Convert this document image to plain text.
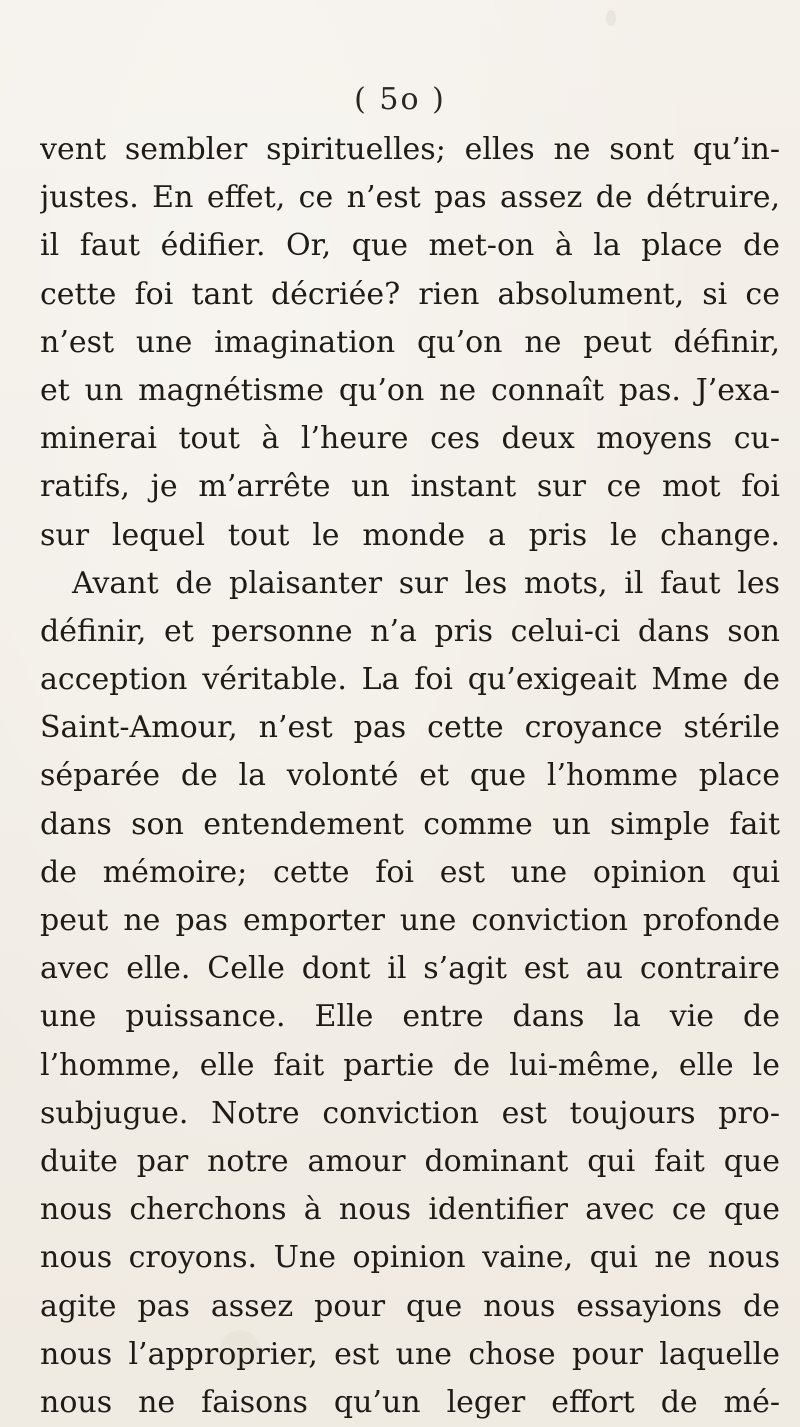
( 5o )
vent sembler spirituelles; elles ne sont qu’in-
justes. En effet, ce n’est pas assez de détruire,
il faut édifier. Or, que met-on à la place de
cette foi tant décriée? rien absolument, si ce
n’est une imagination qu’on ne peut définir,
et un magnétisme qu’on ne connaît pas. J’exa-
minerai tout à l’heure ces deux moyens cu-
ratifs, je m’arrête un instant sur ce mot foi
sur lequel tout le monde a pris le change.
Avant de plaisanter sur les mots, il faut les
définir, et personne n’a pris celui-ci dans son
acception véritable. La foi qu’exigeait Mme de
Saint-Amour, n’est pas cette croyance stérile
séparée de la volonté et que l’homme place
dans son entendement comme un simple fait
de mémoire; cette foi est une opinion qui
peut ne pas emporter une conviction profonde
avec elle. Celle dont il s’agit est au contraire
une puissance. Elle entre dans la vie de
l’homme, elle fait partie de lui-même, elle le
subjugue. Notre conviction est toujours pro-
duite par notre amour dominant qui fait que
nous cherchons à nous identifier avec ce que
nous croyons. Une opinion vaine, qui ne nous
agite pas assez pour que nous essayions de
nous l’approprier, est une chose pour laquelle
nous ne faisons qu’un leger effort de mé-
